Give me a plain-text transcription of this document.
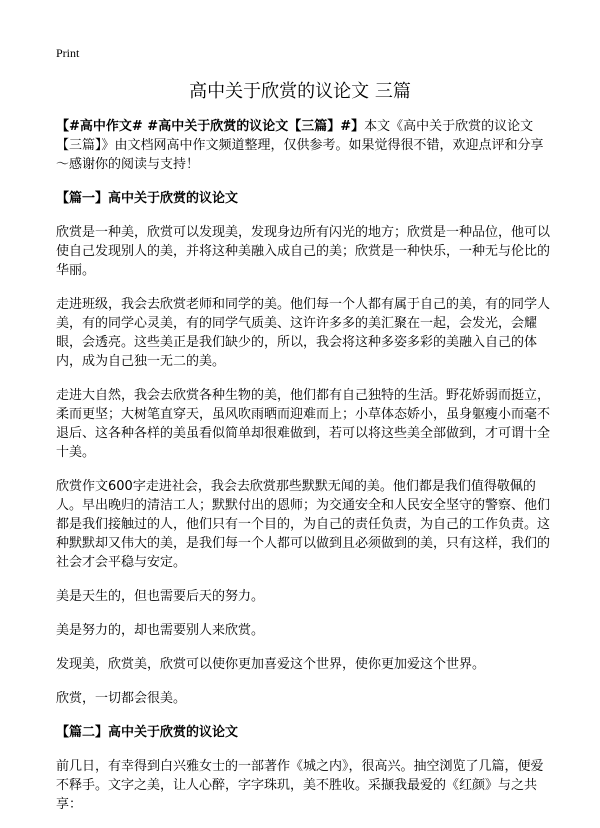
Print
高中关于欣赏的议论文 三篇

【#高中作文# #高中关于欣赏的议论文【三篇】#】本文《高中关于欣赏的议论文【三篇】》由文档网高中作文频道整理，仅供参考。如果觉得很不错，欢迎点评和分享～感谢你的阅读与支持！

【篇一】高中关于欣赏的议论文

欣赏是一种美，欣赏可以发现美，发现身边所有闪光的地方；欣赏是一种品位，他可以使自己发现别人的美，并将这种美融入成自己的美；欣赏是一种快乐，一种无与伦比的华丽。

走进班级，我会去欣赏老师和同学的美。他们每一个人都有属于自己的美，有的同学人美，有的同学心灵美，有的同学气质美、这许许多多的美汇聚在一起，会发光，会耀眼，会透亮。这些美正是我们缺少的，所以，我会将这种多姿多彩的美融入自己的体内，成为自己独一无二的美。

走进大自然，我会去欣赏各种生物的美，他们都有自己独特的生活。野花娇弱而挺立，柔而更坚；大树笔直穿天，虽风吹雨晒而迎难而上；小草体态娇小，虽身躯瘦小而毫不退后、这各种各样的美虽看似简单却很难做到，若可以将这些美全部做到，才可谓十全十美。

欣赏作文600字走进社会，我会去欣赏那些默默无闻的美。他们都是我们值得敬佩的人。早出晚归的清洁工人；默默付出的恩师；为交通安全和人民安全坚守的警察、他们都是我们接触过的人，他们只有一个目的，为自己的责任负责，为自己的工作负责。这种默默却又伟大的美，是我们每一个人都可以做到且必须做到的美，只有这样，我们的社会才会平稳与安定。

美是天生的，但也需要后天的努力。

美是努力的，却也需要别人来欣赏。

发现美，欣赏美，欣赏可以使你更加喜爱这个世界，使你更加爱这个世界。

欣赏，一切都会很美。

【篇二】高中关于欣赏的议论文

前几日，有幸得到白兴雅女士的一部著作《城之内》，很高兴。抽空浏览了几篇，便爱不释手。文字之美，让人心醉，字字珠玑，美不胜收。采撷我最爱的《红颜》与之共享：
